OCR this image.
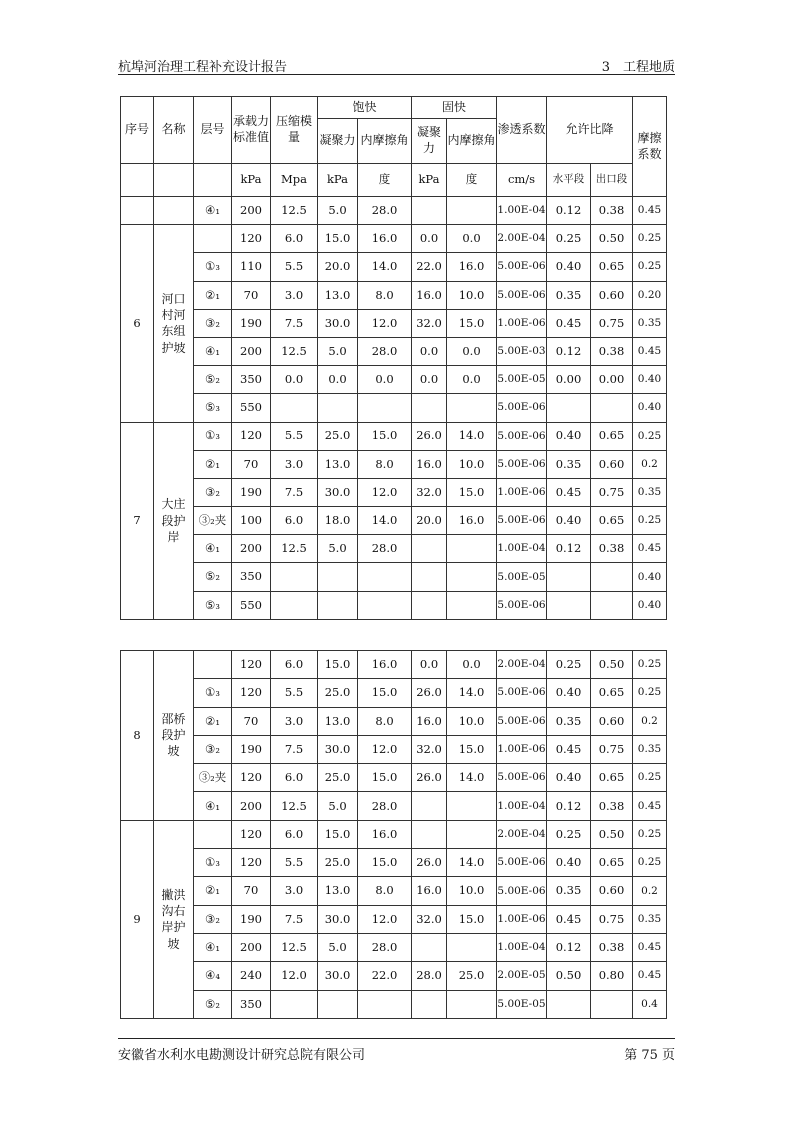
杭埠河治理工程补充设计报告	3　工程地质
序号	名称	层号	承载力标准值	压缩模量	饱快		固快		渗透系数	允许比降		摩擦系数
					凝聚力	内摩擦角	凝聚力	内摩擦角				
			kPa	Mpa	kPa	度	kPa	度	cm/s	水平段	出口段	
		④₁	200	12.5	5.0	28.0			1.00E-04	0.12	0.38	0.45
6	河口村河东组护坡		120	6.0	15.0	16.0	0.0	0.0	2.00E-04	0.25	0.50	0.25
		①₃	110	5.5	20.0	14.0	22.0	16.0	5.00E-06	0.40	0.65	0.25
		②₁	70	3.0	13.0	8.0	16.0	10.0	5.00E-06	0.35	0.60	0.20
		③₂	190	7.5	30.0	12.0	32.0	15.0	1.00E-06	0.45	0.75	0.35
		④₁	200	12.5	5.0	28.0	0.0	0.0	5.00E-03	0.12	0.38	0.45
		⑤₂	350	0.0	0.0	0.0	0.0	0.0	5.00E-05	0.00	0.00	0.40
		⑤₃	550						5.00E-06			0.40
7	大庄段护岸	①₃	120	5.5	25.0	15.0	26.0	14.0	5.00E-06	0.40	0.65	0.25
		②₁	70	3.0	13.0	8.0	16.0	10.0	5.00E-06	0.35	0.60	0.2
		③₂	190	7.5	30.0	12.0	32.0	15.0	1.00E-06	0.45	0.75	0.35
		③₂夹	100	6.0	18.0	14.0	20.0	16.0	5.00E-06	0.40	0.65	0.25
		④₁	200	12.5	5.0	28.0			1.00E-04	0.12	0.38	0.45
		⑤₂	350						5.00E-05			0.40
		⑤₃	550						5.00E-06			0.40
8	邵桥段护坡		120	6.0	15.0	16.0	0.0	0.0	2.00E-04	0.25	0.50	0.25
		①₃	120	5.5	25.0	15.0	26.0	14.0	5.00E-06	0.40	0.65	0.25
		②₁	70	3.0	13.0	8.0	16.0	10.0	5.00E-06	0.35	0.60	0.2
		③₂	190	7.5	30.0	12.0	32.0	15.0	1.00E-06	0.45	0.75	0.35
		③₂夹	120	6.0	25.0	15.0	26.0	14.0	5.00E-06	0.40	0.65	0.25
		④₁	200	12.5	5.0	28.0			1.00E-04	0.12	0.38	0.45
9	撇洪沟右岸护坡		120	6.0	15.0	16.0			2.00E-04	0.25	0.50	0.25
		①₃	120	5.5	25.0	15.0	26.0	14.0	5.00E-06	0.40	0.65	0.25
		②₁	70	3.0	13.0	8.0	16.0	10.0	5.00E-06	0.35	0.60	0.2
		③₂	190	7.5	30.0	12.0	32.0	15.0	1.00E-06	0.45	0.75	0.35
		④₁	200	12.5	5.0	28.0			1.00E-04	0.12	0.38	0.45
		④₄	240	12.0	30.0	22.0	28.0	25.0	2.00E-05	0.50	0.80	0.45
		⑤₂	350						5.00E-05			0.4
安徽省水利水电勘测设计研究总院有限公司	第 75 页
